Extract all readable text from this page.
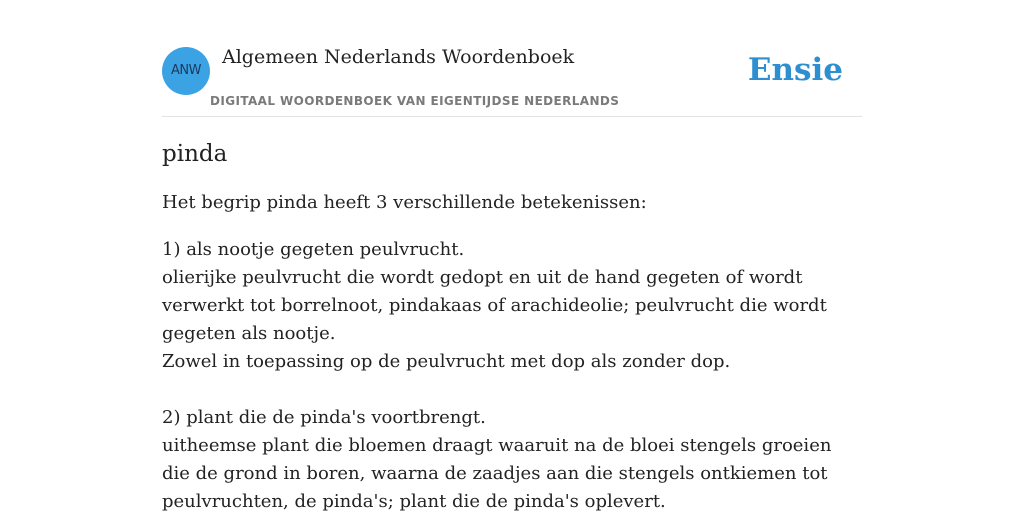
ANW
Algemeen Nederlands Woordenboek
DIGITAAL WOORDENBOEK VAN EIGENTIJDSE NEDERLANDS
Ensie
pinda

Het begrip pinda heeft 3 verschillende betekenissen:

1) als nootje gegeten peulvrucht.
olierijke peulvrucht die wordt gedopt en uit de hand gegeten of wordt verwerkt tot borrelnoot, pindakaas of arachideolie; peulvrucht die wordt gegeten als nootje.
Zowel in toepassing op de peulvrucht met dop als zonder dop.
2) plant die de pinda's voortbrengt.
uitheemse plant die bloemen draagt waaruit na de bloei stengels groeien die de grond in boren, waarna de zaadjes aan die stengels ontkiemen tot peulvruchten, de pinda's; plant die de pinda's oplevert.
